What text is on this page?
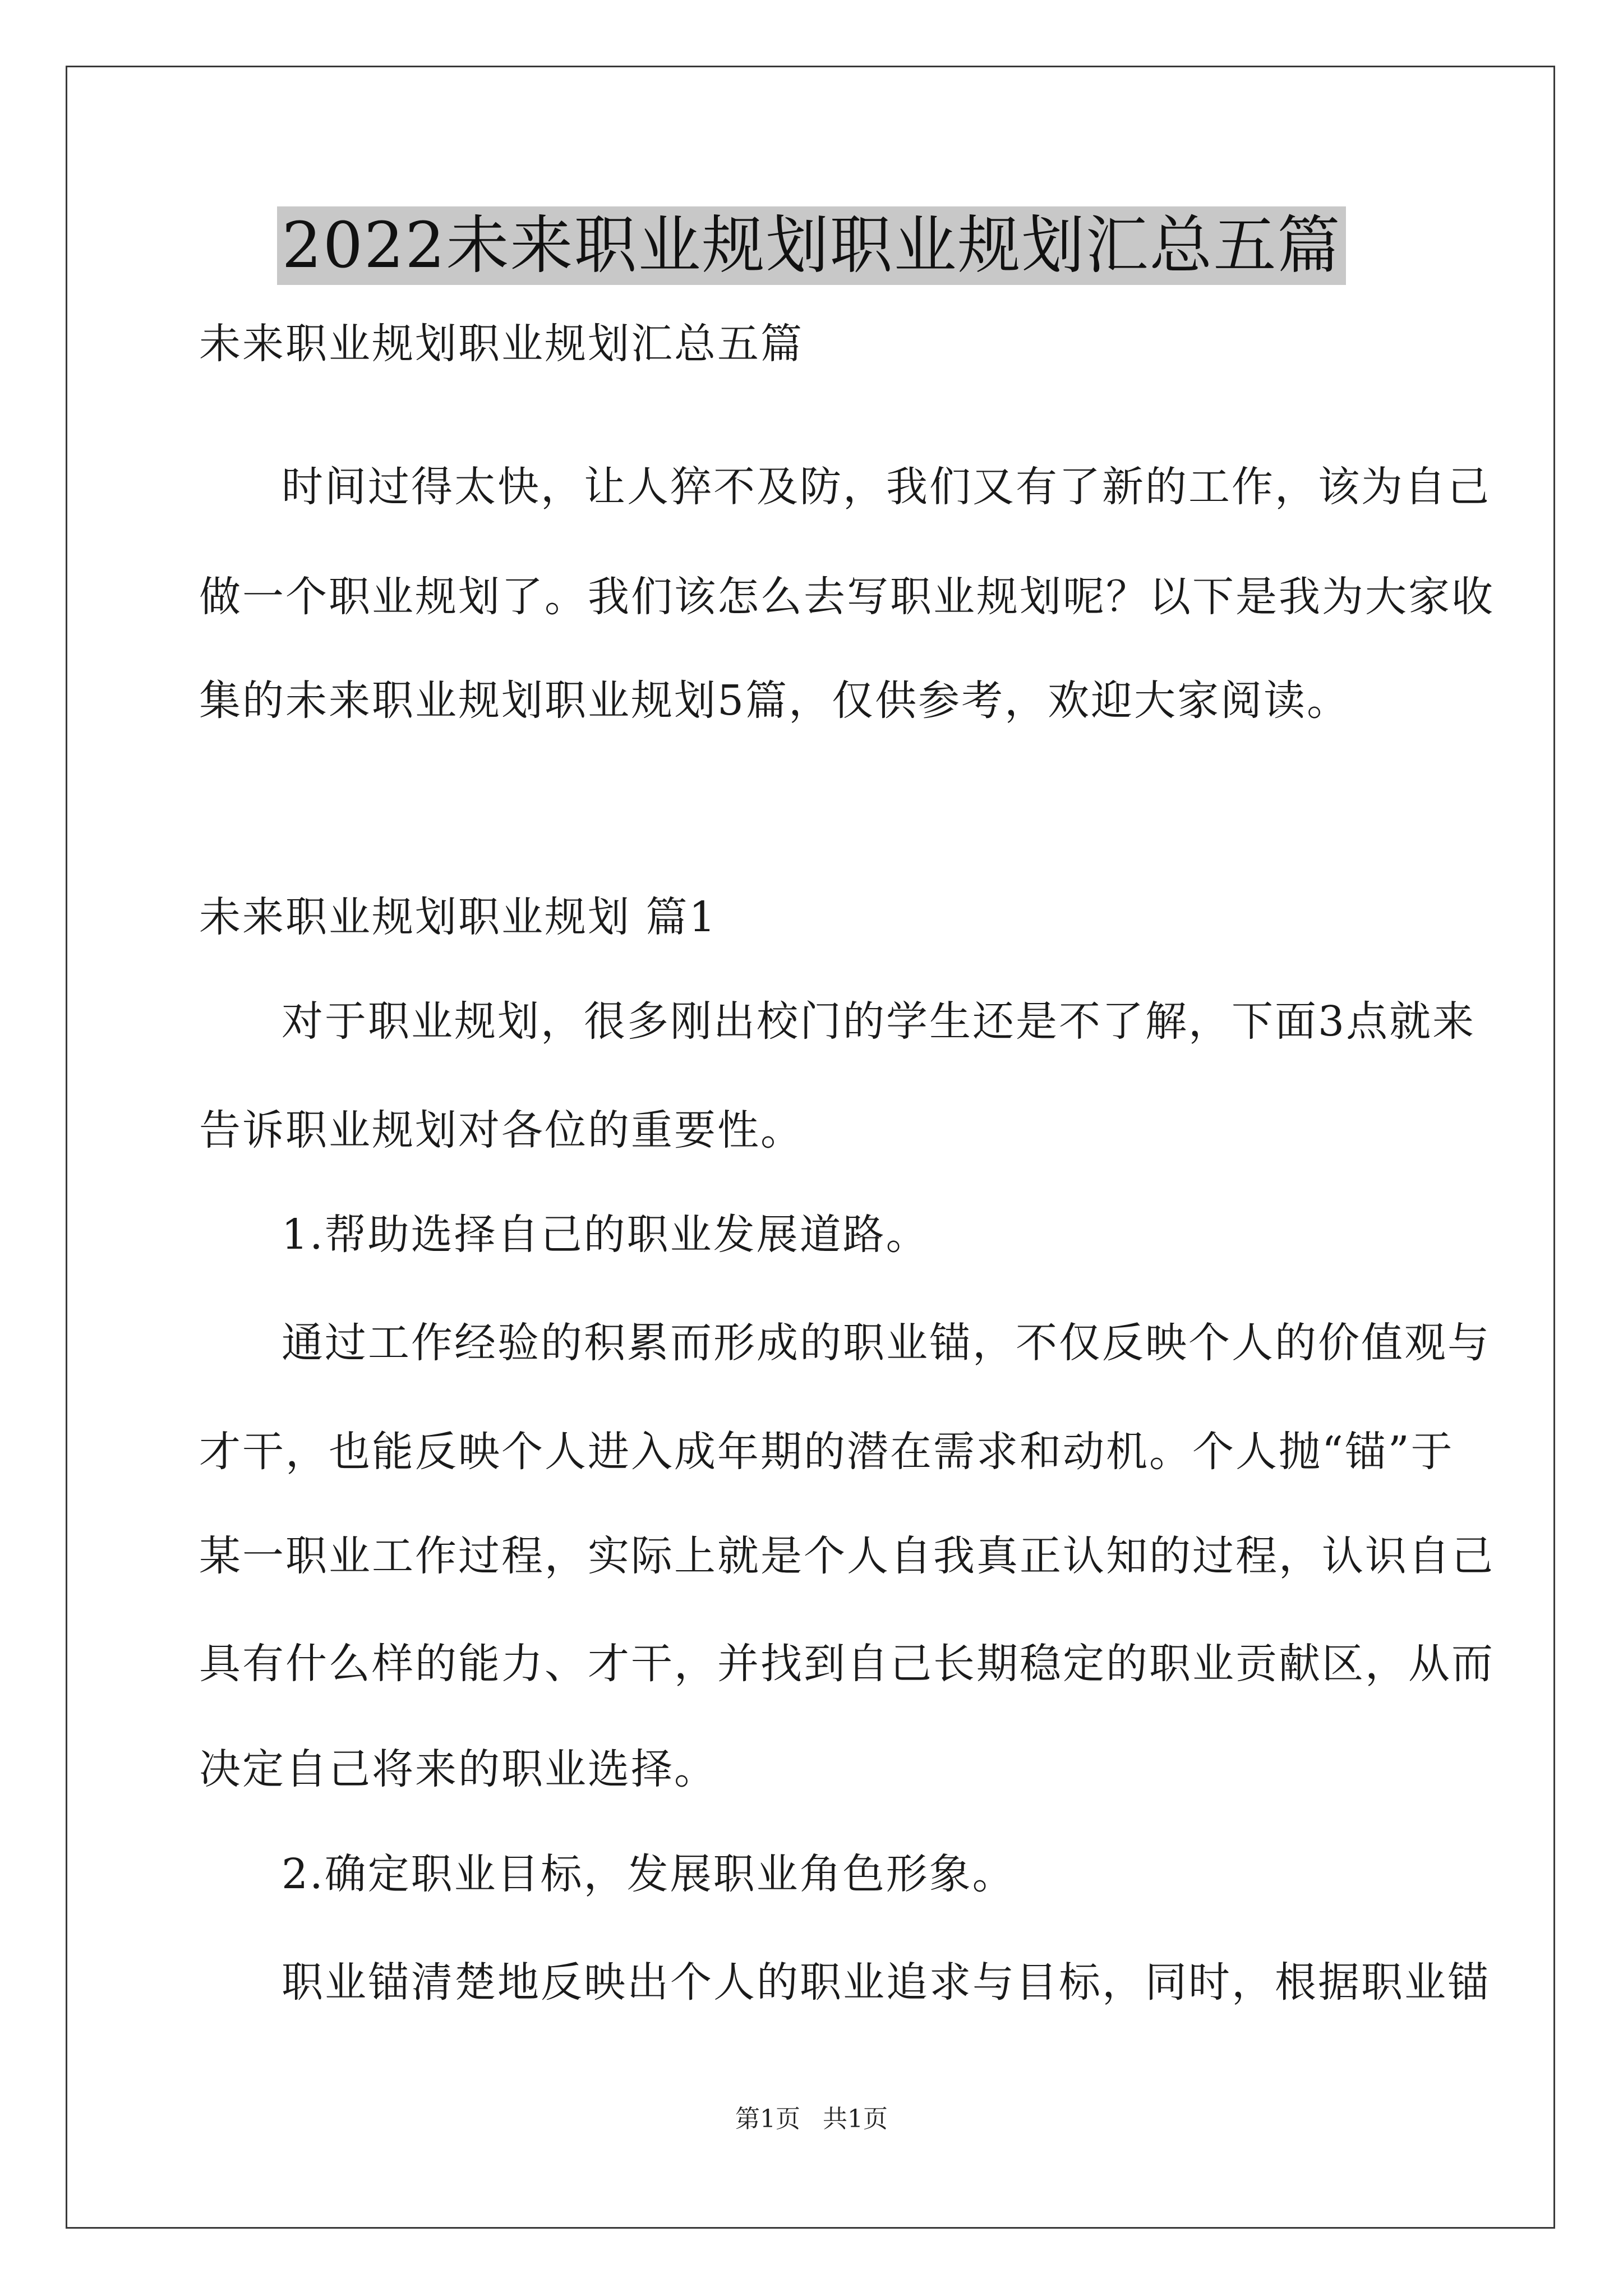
2022未来职业规划职业规划汇总五篇
未来职业规划职业规划汇总五篇
时间过得太快，让人猝不及防，我们又有了新的工作，该为自己
做一个职业规划了。我们该怎么去写职业规划呢？以下是我为大家收
集的未来职业规划职业规划5篇，仅供参考，欢迎大家阅读。
未来职业规划职业规划 篇1
对于职业规划，很多刚出校门的学生还是不了解，下面3点就来
告诉职业规划对各位的重要性。
1.帮助选择自己的职业发展道路。
通过工作经验的积累而形成的职业锚，不仅反映个人的价值观与
才干，也能反映个人进入成年期的潜在需求和动机。个人抛“锚”于
某一职业工作过程，实际上就是个人自我真正认知的过程，认识自己
具有什么样的能力、才干，并找到自己长期稳定的职业贡献区，从而
决定自己将来的职业选择。
2.确定职业目标，发展职业角色形象。
职业锚清楚地反映出个人的职业追求与目标，同时，根据职业锚
第1页 共1页
